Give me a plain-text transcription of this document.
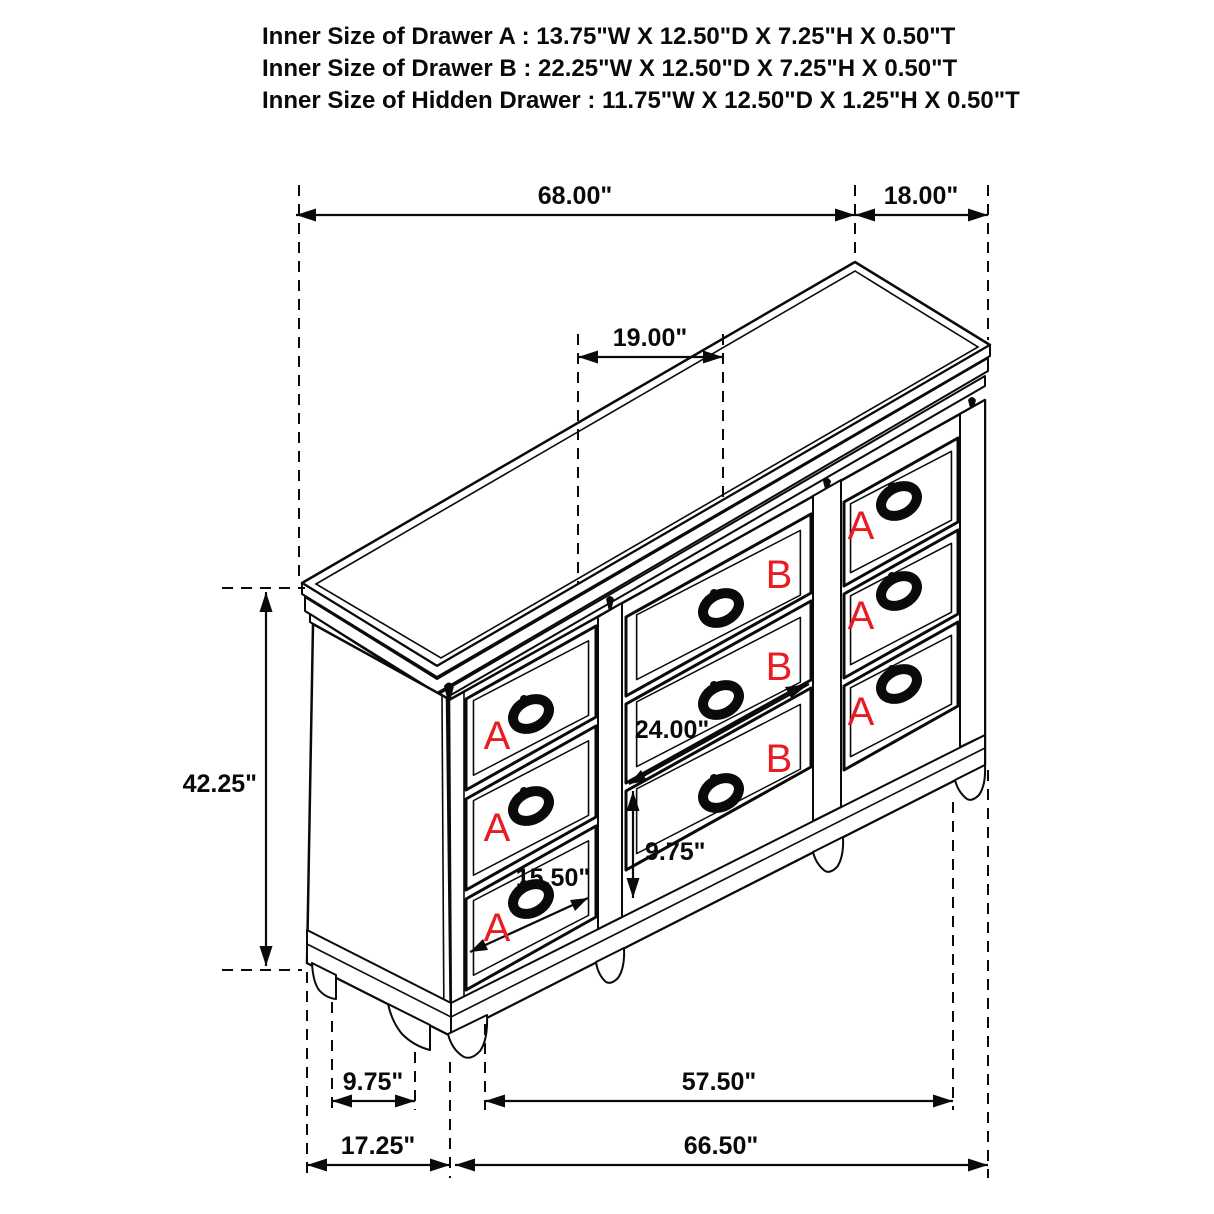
68.00"	18.00"
19.00"
42.25"
24.00"
9.75"
15.50"
9.75"	57.50"
17.25"	66.50"
A
A
A
B
B
B
A
A
A
Inner Size of Drawer A : 13.75"W X 12.50"D X 7.25"H X 0.50"T
Inner Size of Drawer B : 22.25"W X 12.50"D X 7.25"H X 0.50"T
Inner Size of Hidden Drawer : 11.75"W X 12.50"D X 1.25"H X 0.50"T
